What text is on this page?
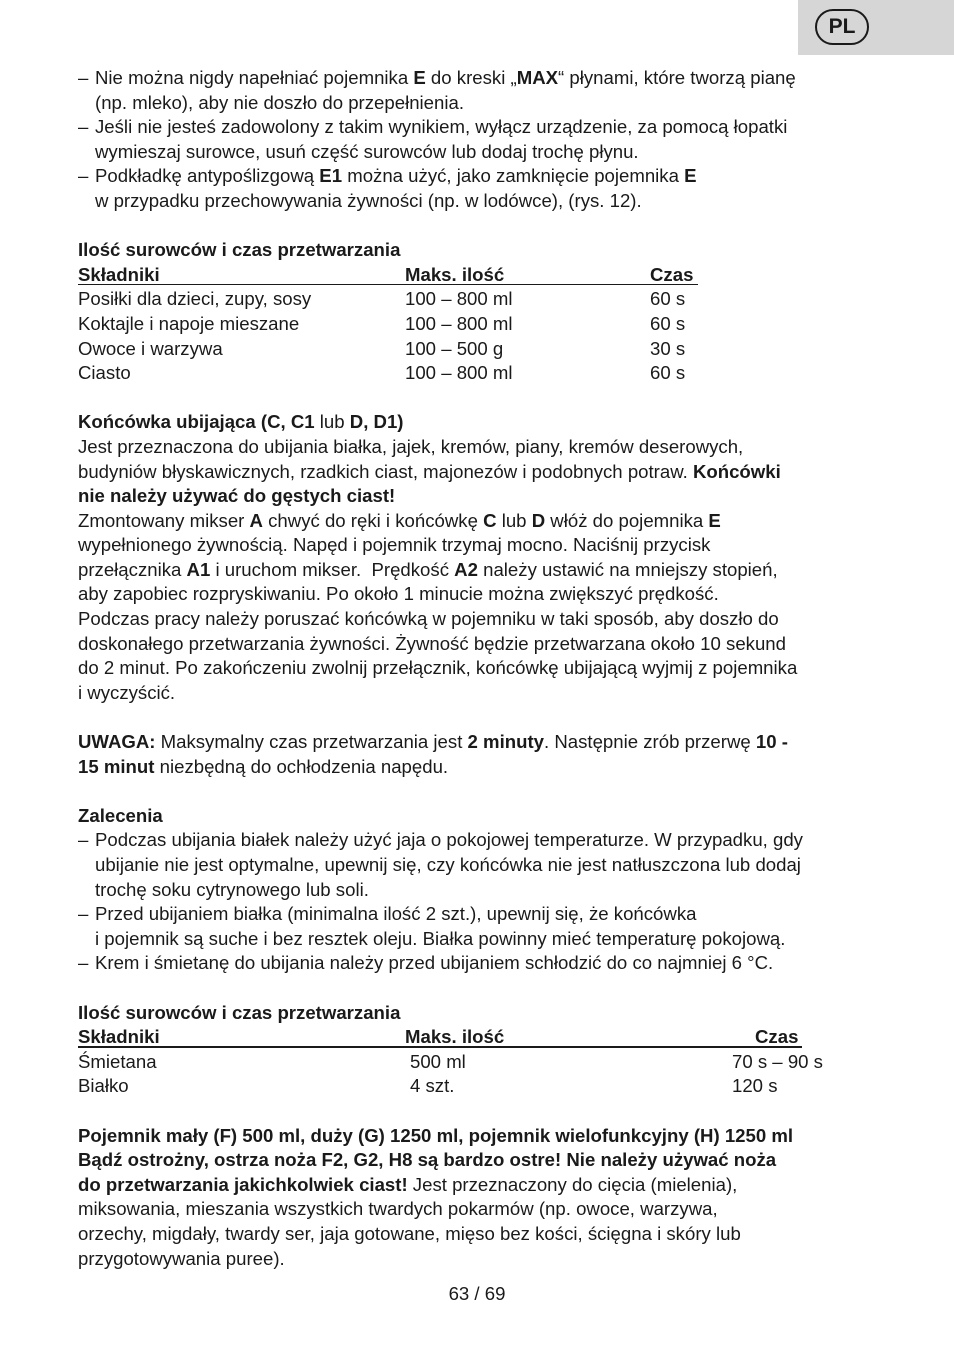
PL
– Nie można nigdy napełniać pojemnika E do kreski „MAX“ płynami, które tworzą pianę
(np. mleko), aby nie doszło do przepełnienia.
– Jeśli nie jesteś zadowolony z takim wynikiem, wyłącz urządzenie, za pomocą łopatki
wymieszaj surowce, usuń część surowców lub dodaj trochę płynu.
– Podkładkę antypoślizgową E1 można użyć, jako zamknięcie pojemnika E
w przypadku przechowywania żywności (np. w lodówce), (rys. 12).
Ilość surowców i czas przetwarzania
Składniki	Maks. ilość	Czas
Posiłki dla dzieci, zupy, sosy	100 – 800 ml	60 s
Koktajle i napoje mieszane	100 – 800 ml	60 s
Owoce i warzywa	100 – 500 g	30 s
Ciasto	100 – 800 ml	60 s
Końcówka ubijająca (C, C1 lub D, D1)
Jest przeznaczona do ubijania białka, jajek, kremów, piany, kremów deserowych,
budyniów błyskawicznych, rzadkich ciast, majonezów i podobnych potraw. Końcówki
nie należy używać do gęstych ciast!
Zmontowany mikser A chwyć do ręki i końcówkę C lub D włóż do pojemnika E
wypełnionego żywnością. Napęd i pojemnik trzymaj mocno. Naciśnij przycisk
przełącznika A1 i uruchom mikser.  Prędkość A2 należy ustawić na mniejszy stopień,
aby zapobiec rozpryskiwaniu. Po około 1 minucie można zwiększyć prędkość.
Podczas pracy należy poruszać końcówką w pojemniku w taki sposób, aby doszło do
doskonałego przetwarzania żywności. Żywność będzie przetwarzana około 10 sekund
do 2 minut. Po zakończeniu zwolnij przełącznik, końcówkę ubijającą wyjmij z pojemnika
i wyczyścić.
UWAGA: Maksymalny czas przetwarzania jest 2 minuty. Następnie zrób przerwę 10 -
15 minut niezbędną do ochłodzenia napędu.
Zalecenia
– Podczas ubijania białek należy użyć jaja o pokojowej temperaturze. W przypadku, gdy
ubijanie nie jest optymalne, upewnij się, czy końcówka nie jest natłuszczona lub dodaj
trochę soku cytrynowego lub soli.
– Przed ubijaniem białka (minimalna ilość 2 szt.), upewnij się, że końcówka
i pojemnik są suche i bez resztek oleju. Białka powinny mieć temperaturę pokojową.
– Krem i śmietanę do ubijania należy przed ubijaniem schłodzić do co najmniej 6 °C.
Ilość surowców i czas przetwarzania
Składniki	Maks. ilość	Czas
Śmietana	500 ml	70 s – 90 s
Białko	4 szt.	120 s
Pojemnik mały (F) 500 ml, duży (G) 1250 ml, pojemnik wielofunkcyjny (H) 1250 ml
Bądź ostrożny, ostrza noża F2, G2, H8 są bardzo ostre! Nie należy używać noża
do przetwarzania jakichkolwiek ciast! Jest przeznaczony do cięcia (mielenia),
miksowania, mieszania wszystkich twardych pokarmów (np. owoce, warzywa,
orzechy, migdały, twardy ser, jaja gotowane, mięso bez kości, ścięgna i skóry lub
przygotowywania puree).
63 / 69
